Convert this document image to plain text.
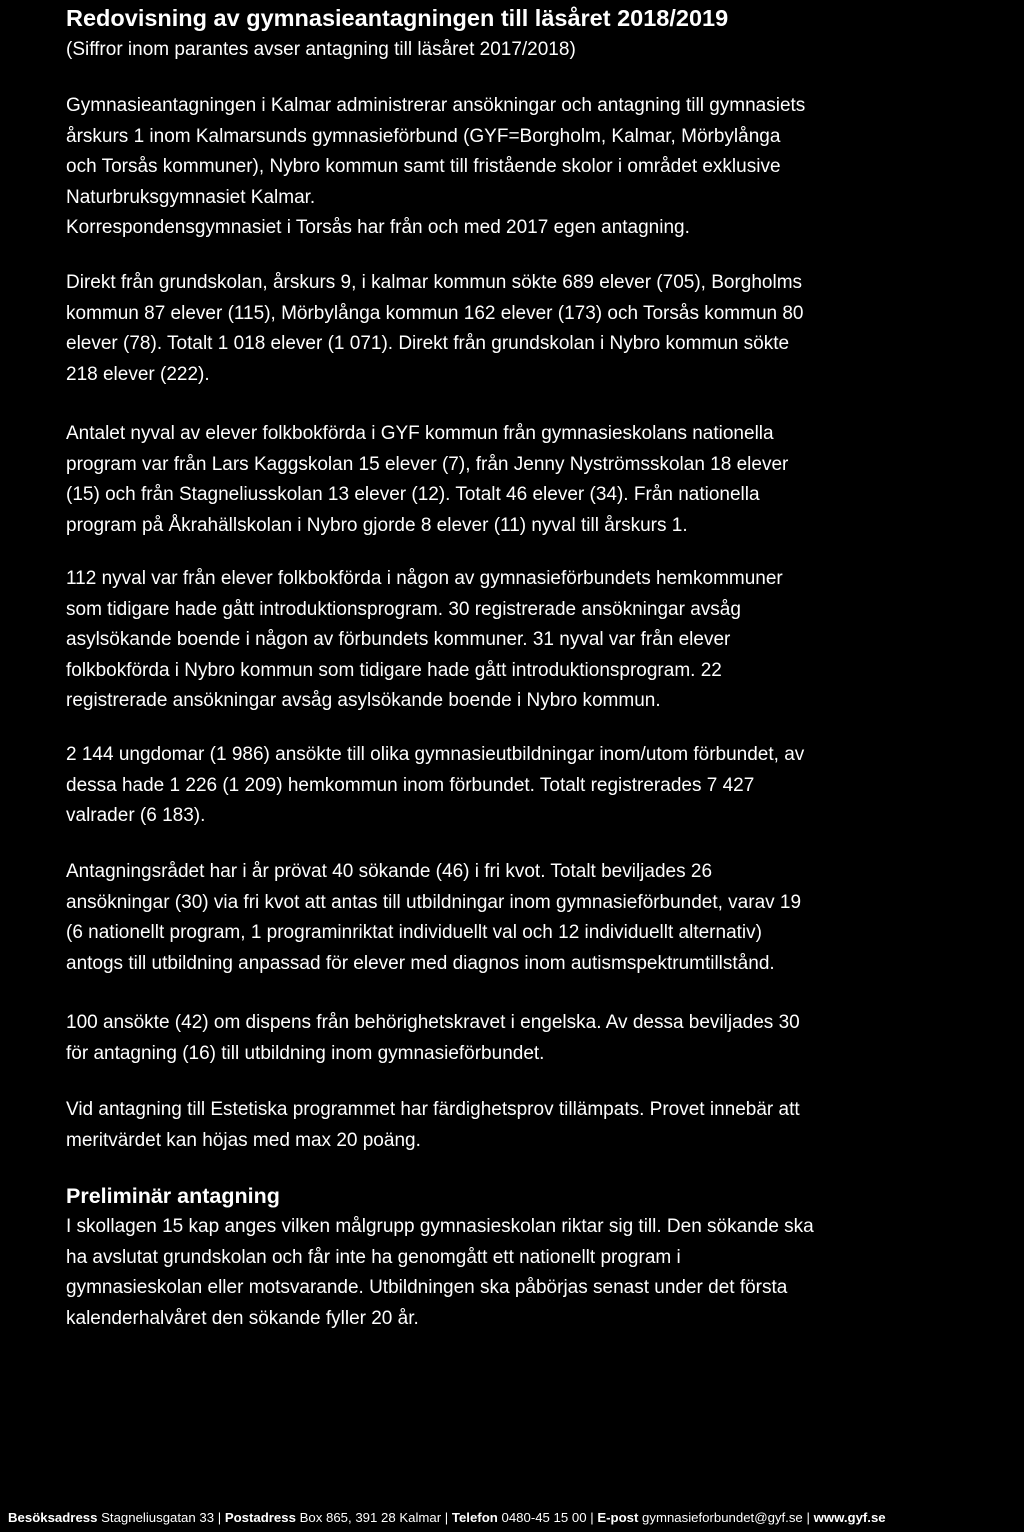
Redovisning av gymnasieantagningen till läsåret 2018/2019

(Siffror inom parantes avser antagning till läsåret 2017/2018)

Gymnasieantagningen i Kalmar administrerar ansökningar och antagning till gymnasiets
årskurs 1 inom Kalmarsunds gymnasieförbund (GYF=Borgholm, Kalmar, Mörbylånga
och Torsås kommuner), Nybro kommun samt till fristående skolor i området exklusive
Naturbruksgymnasiet Kalmar.
Korrespondensgymnasiet i Torsås har från och med 2017 egen antagning.

Direkt från grundskolan, årskurs 9, i kalmar kommun sökte 689 elever (705), Borgholms
kommun 87 elever (115), Mörbylånga kommun 162 elever (173) och Torsås kommun 80
elever (78). Totalt 1 018 elever (1 071). Direkt från grundskolan i Nybro kommun sökte
218 elever (222).

Antalet nyval av elever folkbokförda i GYF kommun från gymnasieskolans nationella
program var från Lars Kaggskolan 15 elever (7), från Jenny Nyströmsskolan 18 elever
(15) och från Stagneliusskolan 13 elever (12). Totalt 46 elever (34). Från nationella
program på Åkrahällskolan i Nybro gjorde 8 elever (11) nyval till årskurs 1.

112 nyval var från elever folkbokförda i någon av gymnasieförbundets hemkommuner
som tidigare hade gått introduktionsprogram. 30 registrerade ansökningar avsåg
asylsökande boende i någon av förbundets kommuner. 31 nyval var från elever
folkbokförda i Nybro kommun som tidigare hade gått introduktionsprogram. 22
registrerade ansökningar avsåg asylsökande boende i Nybro kommun.

2 144 ungdomar (1 986) ansökte till olika gymnasieutbildningar inom/utom förbundet, av
dessa hade 1 226 (1 209) hemkommun inom förbundet. Totalt registrerades 7 427
valrader (6 183).

Antagningsrådet har i år prövat 40 sökande (46) i fri kvot. Totalt beviljades 26
ansökningar (30) via fri kvot att antas till utbildningar inom gymnasieförbundet, varav 19
(6 nationellt program, 1 programinriktat individuellt val och 12 individuellt alternativ)
antogs till utbildning anpassad för elever med diagnos inom autismspektrumtillstånd.

100 ansökte (42) om dispens från behörighetskravet i engelska. Av dessa beviljades 30
för antagning (16) till utbildning inom gymnasieförbundet.

Vid antagning till Estetiska programmet har färdighetsprov tillämpats. Provet innebär att
meritvärdet kan höjas med max 20 poäng.

Preliminär antagning

I skollagen 15 kap anges vilken målgrupp gymnasieskolan riktar sig till. Den sökande ska
ha avslutat grundskolan och får inte ha genomgått ett nationellt program i
gymnasieskolan eller motsvarande. Utbildningen ska påbörjas senast under det första
kalenderhalvåret den sökande fyller 20 år.

Besöksadress Stagneliusgatan 33 | Postadress Box 865, 391 28 Kalmar | Telefon 0480-45 15 00 | E-post gymnasieforbundet@gyf.se | www.gyf.se
